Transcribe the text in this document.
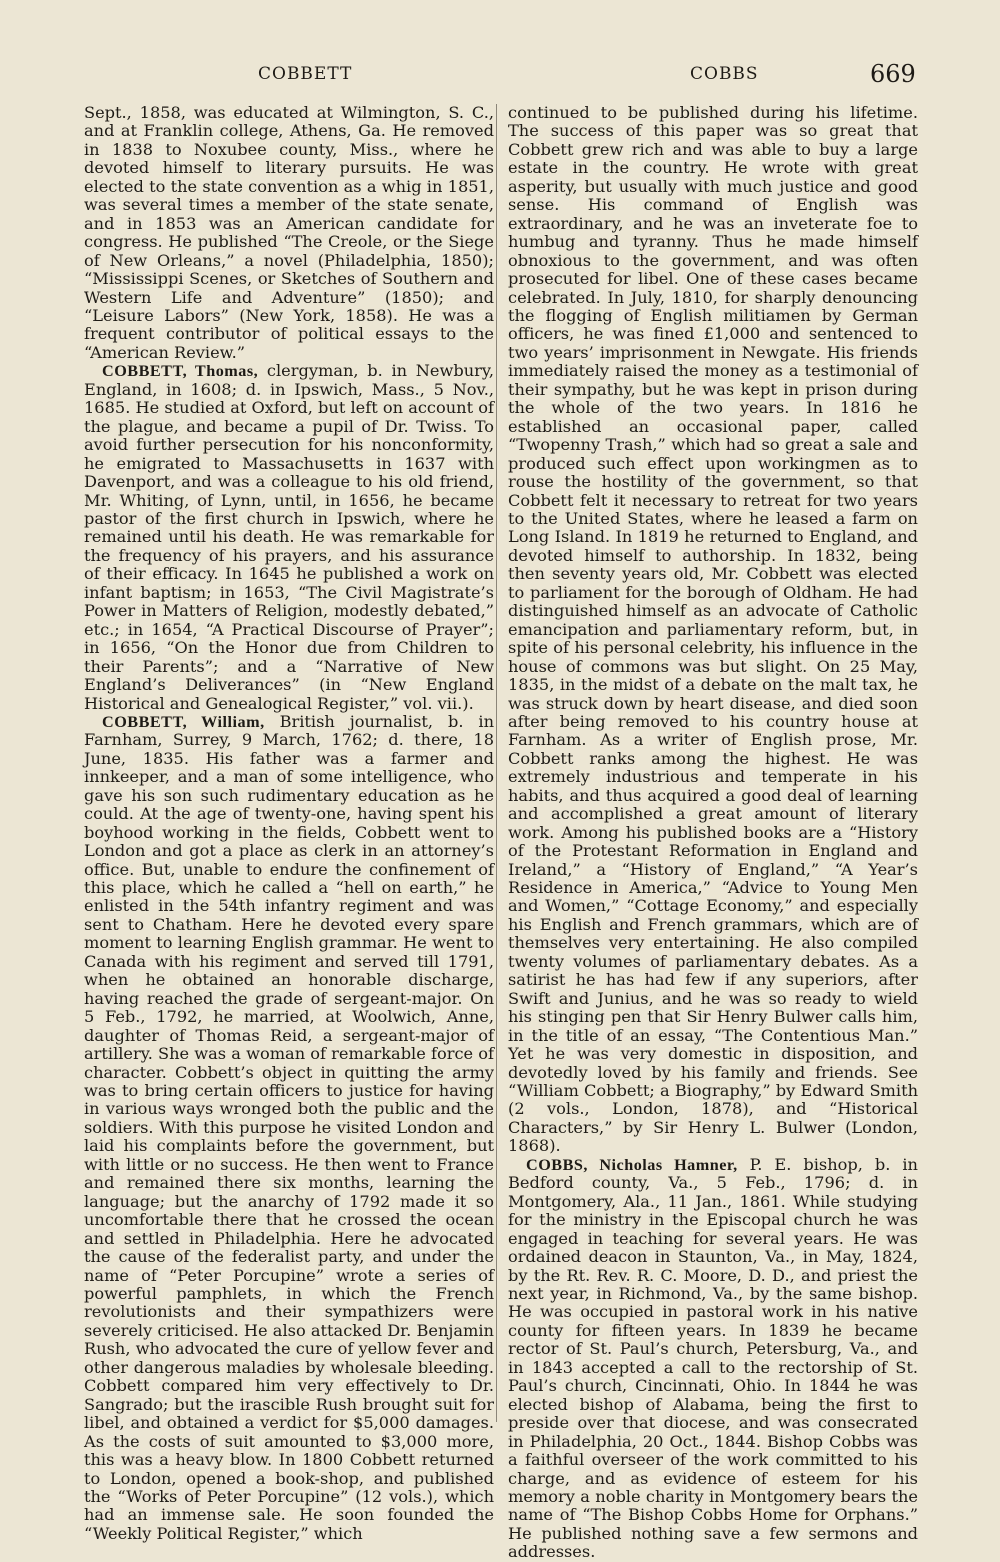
COBBETT	COBBS	669

Sept., 1858, was educated at Wilmington, S. C., and at Franklin college, Athens, Ga. He removed in 1838 to Noxubee county, Miss., where he devoted himself to literary pursuits. He was elected to the state convention as a whig in 1851, was several times a member of the state senate, and in 1853 was an American candidate for congress. He published “The Creole, or the Siege of New Orleans,” a novel (Philadelphia, 1850); “Mississippi Scenes, or Sketches of Southern and Western Life and Adventure” (1850); and “Leisure Labors” (New York, 1858). He was a frequent contributor of political essays to the “American Review.”

COBBETT, Thomas, clergyman, b. in Newbury, England, in 1608; d. in Ipswich, Mass., 5 Nov., 1685. He studied at Oxford, but left on account of the plague, and became a pupil of Dr. Twiss. To avoid further persecution for his nonconformity, he emigrated to Massachusetts in 1637 with Davenport, and was a colleague to his old friend, Mr. Whiting, of Lynn, until, in 1656, he became pastor of the first church in Ipswich, where he remained until his death. He was remarkable for the frequency of his prayers, and his assurance of their efficacy. In 1645 he published a work on infant baptism; in 1653, “The Civil Magistrate’s Power in Matters of Religion, modestly debated,” etc.; in 1654, “A Practical Discourse of Prayer”; in 1656, “On the Honor due from Children to their Parents”; and a “Narrative of New England’s Deliverances” (in “New England Historical and Genealogical Register,” vol. vii.).

COBBETT, William, British journalist, b. in Farnham, Surrey, 9 March, 1762; d. there, 18 June, 1835. His father was a farmer and innkeeper, and a man of some intelligence, who gave his son such rudimentary education as he could. At the age of twenty-one, having spent his boyhood working in the fields, Cobbett went to London and got a place as clerk in an attorney’s office. But, unable to endure the confinement of this place, which he called a “hell on earth,” he enlisted in the 54th infantry regiment and was sent to Chatham. Here he devoted every spare moment to learning English grammar. He went to Canada with his regiment and served till 1791, when he obtained an honorable discharge, having reached the grade of sergeant-major. On 5 Feb., 1792, he married, at Woolwich, Anne, daughter of Thomas Reid, a sergeant-major of artillery. She was a woman of remarkable force of character. Cobbett’s object in quitting the army was to bring certain officers to justice for having in various ways wronged both the public and the soldiers. With this purpose he visited London and laid his complaints before the government, but with little or no success. He then went to France and remained there six months, learning the language; but the anarchy of 1792 made it so uncomfortable there that he crossed the ocean and settled in Philadelphia. Here he advocated the cause of the federalist party, and under the name of “Peter Porcupine” wrote a series of powerful pamphlets, in which the French revolutionists and their sympathizers were severely criticised. He also attacked Dr. Benjamin Rush, who advocated the cure of yellow fever and other dangerous maladies by wholesale bleeding. Cobbett compared him very effectively to Dr. Sangrado; but the irascible Rush brought suit for libel, and obtained a verdict for $5,000 damages. As the costs of suit amounted to $3,000 more, this was a heavy blow. In 1800 Cobbett returned to London, opened a book-shop, and published the “Works of Peter Porcupine” (12 vols.), which had an immense sale. He soon founded the “Weekly Political Register,” which

continued to be published during his lifetime. The success of this paper was so great that Cobbett grew rich and was able to buy a large estate in the country. He wrote with great asperity, but usually with much justice and good sense. His command of English was extraordinary, and he was an inveterate foe to humbug and tyranny. Thus he made himself obnoxious to the government, and was often prosecuted for libel. One of these cases became celebrated. In July, 1810, for sharply denouncing the flogging of English militiamen by German officers, he was fined £1,000 and sentenced to two years’ imprisonment in Newgate. His friends immediately raised the money as a testimonial of their sympathy, but he was kept in prison during the whole of the two years. In 1816 he established an occasional paper, called “Twopenny Trash,” which had so great a sale and produced such effect upon workingmen as to rouse the hostility of the government, so that Cobbett felt it necessary to retreat for two years to the United States, where he leased a farm on Long Island. In 1819 he returned to England, and devoted himself to authorship. In 1832, being then seventy years old, Mr. Cobbett was elected to parliament for the borough of Oldham. He had distinguished himself as an advocate of Catholic emancipation and parliamentary reform, but, in spite of his personal celebrity, his influence in the house of commons was but slight. On 25 May, 1835, in the midst of a debate on the malt tax, he was struck down by heart disease, and died soon after being removed to his country house at Farnham. As a writer of English prose, Mr. Cobbett ranks among the highest. He was extremely industrious and temperate in his habits, and thus acquired a good deal of learning and accomplished a great amount of literary work. Among his published books are a “History of the Protestant Reformation in England and Ireland,” a “History of England,” “A Year’s Residence in America,” “Advice to Young Men and Women,” “Cottage Economy,” and especially his English and French grammars, which are of themselves very entertaining. He also compiled twenty volumes of parliamentary debates. As a satirist he has had few if any superiors, after Swift and Junius, and he was so ready to wield his stinging pen that Sir Henry Bulwer calls him, in the title of an essay, “The Contentious Man.” Yet he was very domestic in disposition, and devotedly loved by his family and friends. See “William Cobbett; a Biography,” by Edward Smith (2 vols., London, 1878), and “Historical Characters,” by Sir Henry L. Bulwer (London, 1868).

COBBS, Nicholas Hamner, P. E. bishop, b. in Bedford county, Va., 5 Feb., 1796; d. in Montgomery, Ala., 11 Jan., 1861. While studying for the ministry in the Episcopal church he was engaged in teaching for several years. He was ordained deacon in Staunton, Va., in May, 1824, by the Rt. Rev. R. C. Moore, D. D., and priest the next year, in Richmond, Va., by the same bishop. He was occupied in pastoral work in his native county for fifteen years. In 1839 he became rector of St. Paul’s church, Petersburg, Va., and in 1843 accepted a call to the rectorship of St. Paul’s church, Cincinnati, Ohio. In 1844 he was elected bishop of Alabama, being the first to preside over that diocese, and was consecrated in Philadelphia, 20 Oct., 1844. Bishop Cobbs was a faithful overseer of the work committed to his charge, and as evidence of esteem for his memory a noble charity in Montgomery bears the name of “The Bishop Cobbs Home for Orphans.” He published nothing save a few sermons and addresses.
